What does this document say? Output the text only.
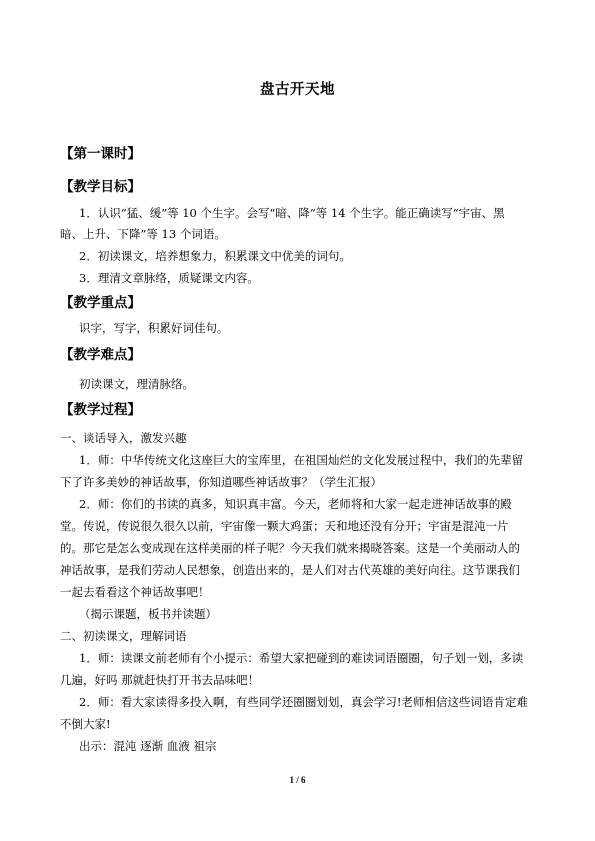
盘古开天地
【第一课时】
【教学目标】
1．认识“猛、缓”等 10 个生字。会写“暗、降”等 14 个生字。能正确读写“宇宙、黑
暗、上升、下降”等 13 个词语。
2．初读课文，培养想象力，积累课文中优美的词句。
3．理清文章脉络，质疑课文内容。
【教学重点】
识字，写字，积累好词佳句。
【教学难点】
初读课文，理清脉络。
【教学过程】
一、谈话导入，激发兴趣
1．师：中华传统文化这座巨大的宝库里，在祖国灿烂的文化发展过程中，我们的先辈留
下了许多美妙的神话故事，你知道哪些神话故事？（学生汇报）
2．师：你们的书读的真多，知识真丰富。今天，老师将和大家一起走进神话故事的殿
堂。传说，传说很久很久以前，宇宙像一颗大鸡蛋；天和地还没有分开；宇宙是混沌一片
的。那它是怎么变成现在这样美丽的样子呢？今天我们就来揭晓答案。这是一个美丽动人的
神话故事，是我们劳动人民想象，创造出来的，是人们对古代英雄的美好向往。这节课我们
一起去看看这个神话故事吧！
（揭示课题，板书并读题）
二、初读课文，理解词语
1．师：读课文前老师有个小提示：希望大家把碰到的难读词语圈圈，句子划一划，多读
几遍，好吗 那就赶快打开书去品味吧！
2．师：看大家读得多投入啊，有些同学还圈圈划划，真会学习!老师相信这些词语肯定难
不倒大家!
出示：混沌 逐渐 血液 祖宗
1 / 6
